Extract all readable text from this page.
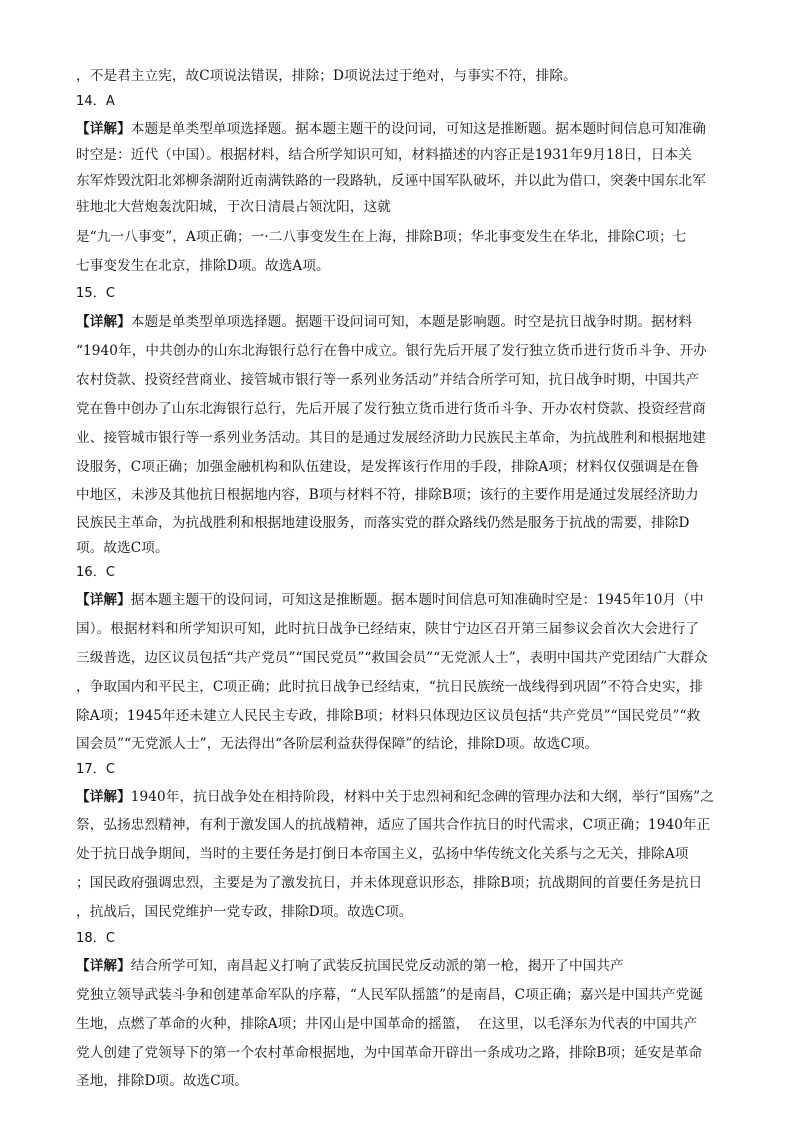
，不是君主立宪，故C项说法错误，排除；D项说法过于绝对，与事实不符，排除。
14．A
【详解】本题是单类型单项选择题。据本题主题干的设问词，可知这是推断题。据本题时间信息可知准确
时空是：近代（中国）。根据材料，结合所学知识可知，材料描述的内容正是1931年9月18日，日本关
东军炸毁沈阳北郊柳条湖附近南满铁路的一段路轨，反诬中国军队破坏，并以此为借口，突袭中国东北军
驻地北大营炮轰沈阳城，于次日清晨占领沈阳，这就
是“九一八事变”，A项正确；一·二八事变发生在上海，排除B项；华北事变发生在华北，排除C项；七
七事变发生在北京，排除D项。故选A项。
15．C
【详解】本题是单类型单项选择题。据题干设问词可知，本题是影响题。时空是抗日战争时期。据材料
“1940年，中共创办的山东北海银行总行在鲁中成立。银行先后开展了发行独立货币进行货币斗争、开办
农村贷款、投资经营商业、接管城市银行等一系列业务活动”并结合所学可知，抗日战争时期，中国共产
党在鲁中创办了山东北海银行总行，先后开展了发行独立货币进行货币斗争、开办农村贷款、投资经营商
业、接管城市银行等一系列业务活动。其目的是通过发展经济助力民族民主革命，为抗战胜利和根据地建
设服务，C项正确；加强金融机构和队伍建设，是发挥该行作用的手段，排除A项；材料仅仅强调是在鲁
中地区，未涉及其他抗日根据地内容，B项与材料不符，排除B项；该行的主要作用是通过发展经济助力
民族民主革命，为抗战胜利和根据地建设服务，而落实党的群众路线仍然是服务于抗战的需要，排除D
项。故选C项。
16．C
【详解】据本题主题干的设问词，可知这是推断题。据本题时间信息可知准确时空是：1945年10月（中
国）。根据材料和所学知识可知，此时抗日战争已经结束，陕甘宁边区召开第三届参议会首次大会进行了
三级普选，边区议员包括“共产党员”“国民党员”“救国会员”“无党派人士”，表明中国共产党团结广大群众
，争取国内和平民主，C项正确；此时抗日战争已经结束，“抗日民族统一战线得到巩固”不符合史实，排
除A项；1945年还未建立人民民主专政，排除B项；材料只体现边区议员包括“共产党员”“国民党员”“救
国会员”“无党派人士”，无法得出“各阶层利益获得保障”的结论，排除D项。故选C项。
17．C
【详解】1940年，抗日战争处在相持阶段，材料中关于忠烈祠和纪念碑的管理办法和大纲，举行“国殇”之
祭，弘扬忠烈精神，有利于激发国人的抗战精神，适应了国共合作抗日的时代需求，C项正确；1940年正
处于抗日战争期间，当时的主要任务是打倒日本帝国主义，弘扬中华传统文化关系与之无关，排除A项
；国民政府强调忠烈，主要是为了激发抗日，并未体现意识形态，排除B项；抗战期间的首要任务是抗日
，抗战后，国民党维护一党专政，排除D项。故选C项。
18．C
【详解】结合所学可知，南昌起义打响了武装反抗国民党反动派的第一枪，揭开了中国共产
党独立领导武装斗争和创建革命军队的序幕，“人民军队摇篮”的是南昌，C项正确；嘉兴是中国共产党诞
生地，点燃了革命的火种，排除A项；井冈山是中国革命的摇篮，  在这里，以毛泽东为代表的中国共产
党人创建了党领导下的第一个农村革命根据地，为中国革命开辟出一条成功之路，排除B项；延安是革命
圣地，排除D项。故选C项。
